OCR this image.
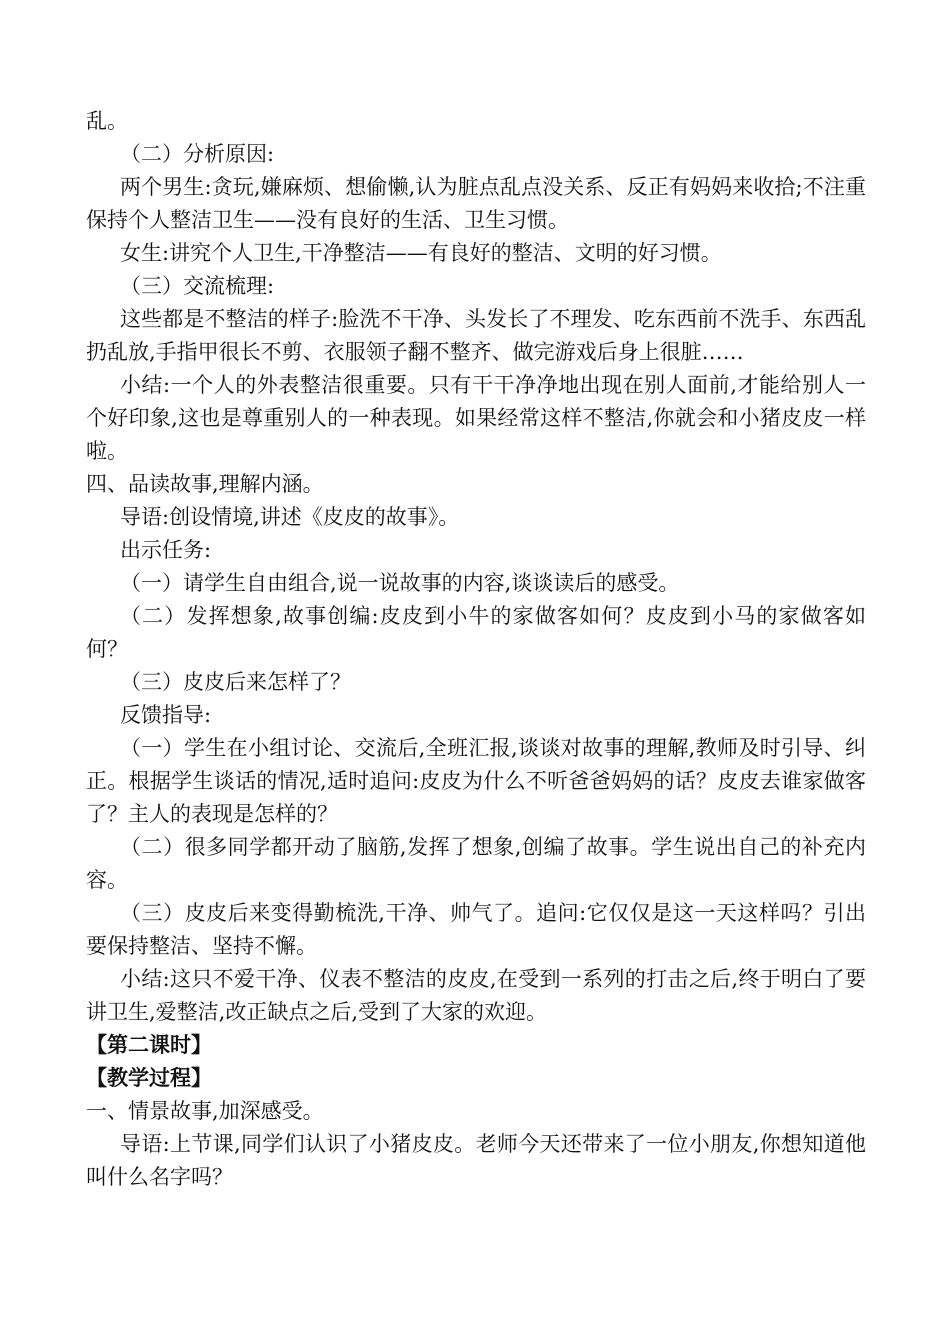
乱。

（二）分析原因:

两个男生:贪玩,嫌麻烦、想偷懒,认为脏点乱点没关系、反正有妈妈来收拾;不注重保持个人整洁卫生——没有良好的生活、卫生习惯。

女生:讲究个人卫生,干净整洁——有良好的整洁、文明的好习惯。

（三）交流梳理:

这些都是不整洁的样子:脸洗不干净、头发长了不理发、吃东西前不洗手、东西乱扔乱放,手指甲很长不剪、衣服领子翻不整齐、做完游戏后身上很脏……

小结:一个人的外表整洁很重要。只有干干净净地出现在别人面前,才能给别人一个好印象,这也是尊重别人的一种表现。如果经常这样不整洁,你就会和小猪皮皮一样啦。

四、品读故事,理解内涵。

导语:创设情境,讲述《皮皮的故事》。

出示任务:

（一）请学生自由组合,说一说故事的内容,谈谈读后的感受。

（二）发挥想象,故事创编:皮皮到小牛的家做客如何？皮皮到小马的家做客如何？

（三）皮皮后来怎样了？

反馈指导:

（一）学生在小组讨论、交流后,全班汇报,谈谈对故事的理解,教师及时引导、纠正。根据学生谈话的情况,适时追问:皮皮为什么不听爸爸妈妈的话？皮皮去谁家做客了？主人的表现是怎样的？

（二）很多同学都开动了脑筋,发挥了想象,创编了故事。学生说出自己的补充内容。

（三）皮皮后来变得勤梳洗,干净、帅气了。追问:它仅仅是这一天这样吗？引出要保持整洁、坚持不懈。

小结:这只不爱干净、仪表不整洁的皮皮,在受到一系列的打击之后,终于明白了要讲卫生,爱整洁,改正缺点之后,受到了大家的欢迎。

【第二课时】

【教学过程】

一、情景故事,加深感受。

导语:上节课,同学们认识了小猪皮皮。老师今天还带来了一位小朋友,你想知道他叫什么名字吗？
